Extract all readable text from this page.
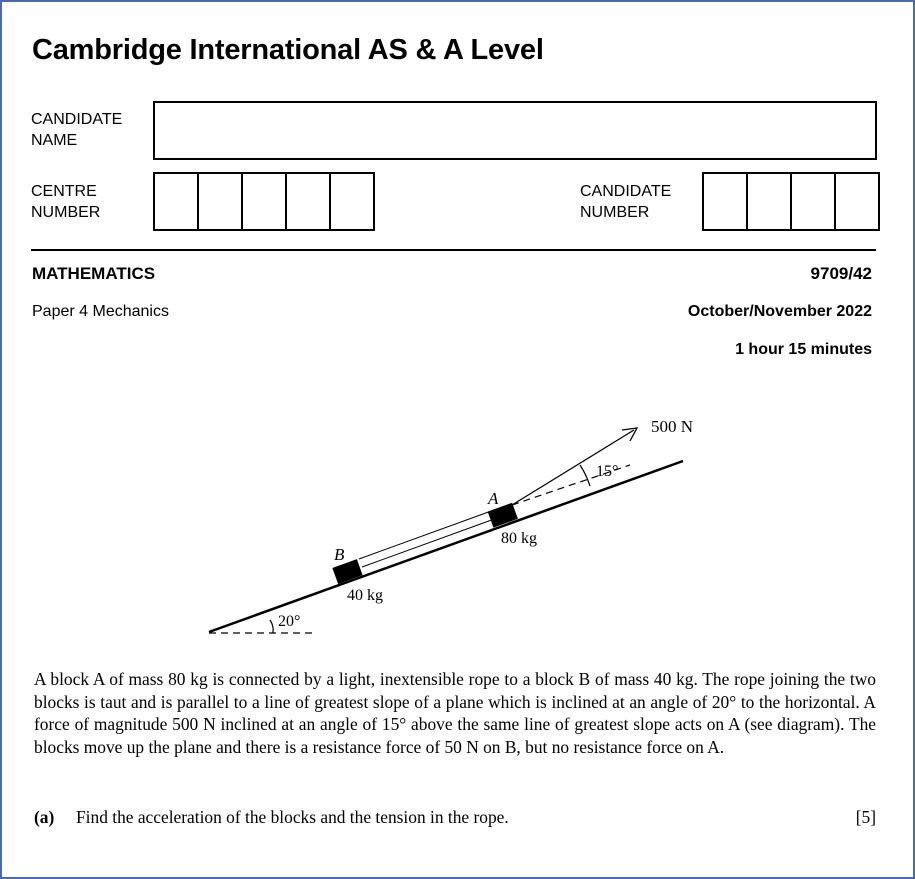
Cambridge International AS & A Level
CANDIDATE
NAME
CENTRE
NUMBER
CANDIDATE
NUMBER
MATHEMATICS	9709/42
Paper 4 Mechanics	October/November 2022
1 hour 15 minutes
20°
B
40 kg
A
80 kg
15°
500 N
A block A of mass 80 kg is connected by a light, inextensible rope to a block B of mass 40 kg. The rope joining the two blocks is taut and is parallel to a line of greatest slope of a plane which is inclined at an angle of 20° to the horizontal. A force of magnitude 500 N inclined at an angle of 15° above the same line of greatest slope acts on A (see diagram). The blocks move up the plane and there is a resistance force of 50 N on B, but no resistance force on A.
(a) Find the acceleration of the blocks and the tension in the rope.	[5]
